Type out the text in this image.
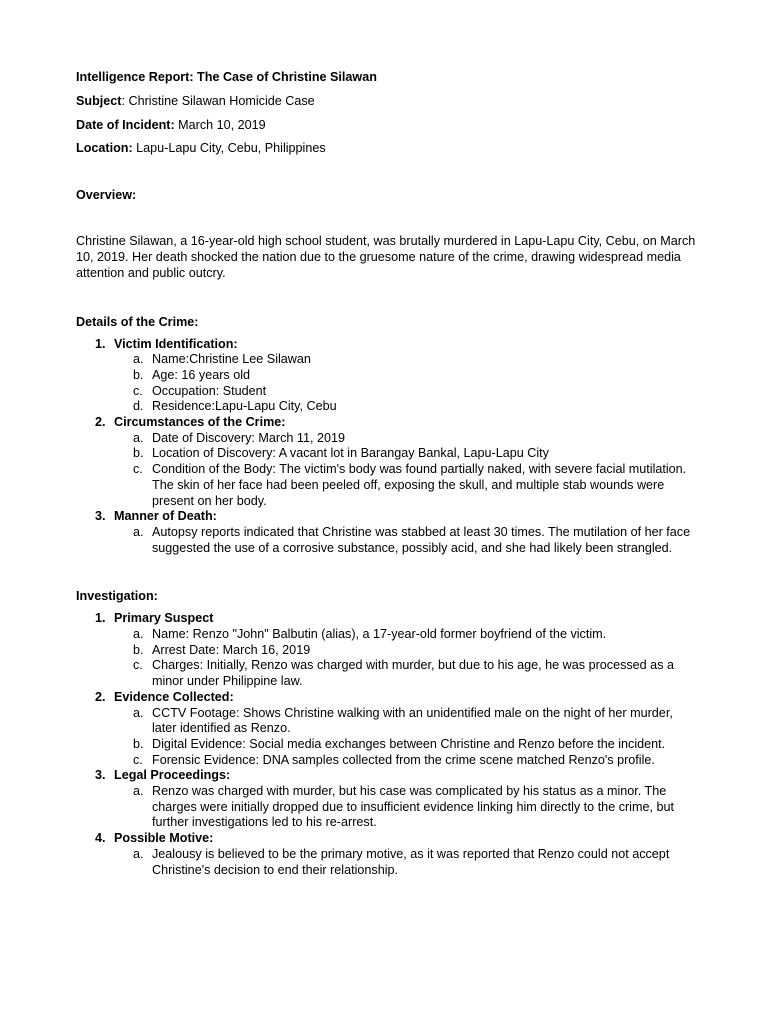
Intelligence Report: The Case of Christine Silawan
Subject: Christine Silawan Homicide Case
Date of Incident: March 10, 2019
Location: Lapu-Lapu City, Cebu, Philippines
Overview:

Christine Silawan, a 16-year-old high school student, was brutally murdered in Lapu-Lapu City, Cebu, on March 10, 2019. Her death shocked the nation due to the gruesome nature of the crime, drawing widespread media attention and public outcry.

Details of the Crime:
1. Victim Identification:
a. Name:Christine Lee Silawan
b. Age: 16 years old
c. Occupation: Student
d. Residence:Lapu-Lapu City, Cebu
2. Circumstances of the Crime:
a. Date of Discovery: March 11, 2019
b. Location of Discovery: A vacant lot in Barangay Bankal, Lapu-Lapu City
c. Condition of the Body: The victim's body was found partially naked, with severe facial mutilation. The skin of her face had been peeled off, exposing the skull, and multiple stab wounds were present on her body.
3. Manner of Death:
a. Autopsy reports indicated that Christine was stabbed at least 30 times. The mutilation of her face suggested the use of a corrosive substance, possibly acid, and she had likely been strangled.
Investigation:
1. Primary Suspect
a. Name: Renzo "John" Balbutin (alias), a 17-year-old former boyfriend of the victim.
b. Arrest Date: March 16, 2019
c. Charges: Initially, Renzo was charged with murder, but due to his age, he was processed as a minor under Philippine law.
2. Evidence Collected:
a. CCTV Footage: Shows Christine walking with an unidentified male on the night of her murder, later identified as Renzo.
b. Digital Evidence: Social media exchanges between Christine and Renzo before the incident.
c. Forensic Evidence: DNA samples collected from the crime scene matched Renzo's profile.
3. Legal Proceedings:
a. Renzo was charged with murder, but his case was complicated by his status as a minor. The charges were initially dropped due to insufficient evidence linking him directly to the crime, but further investigations led to his re-arrest.
4. Possible Motive:
a. Jealousy is believed to be the primary motive, as it was reported that Renzo could not accept Christine's decision to end their relationship.
